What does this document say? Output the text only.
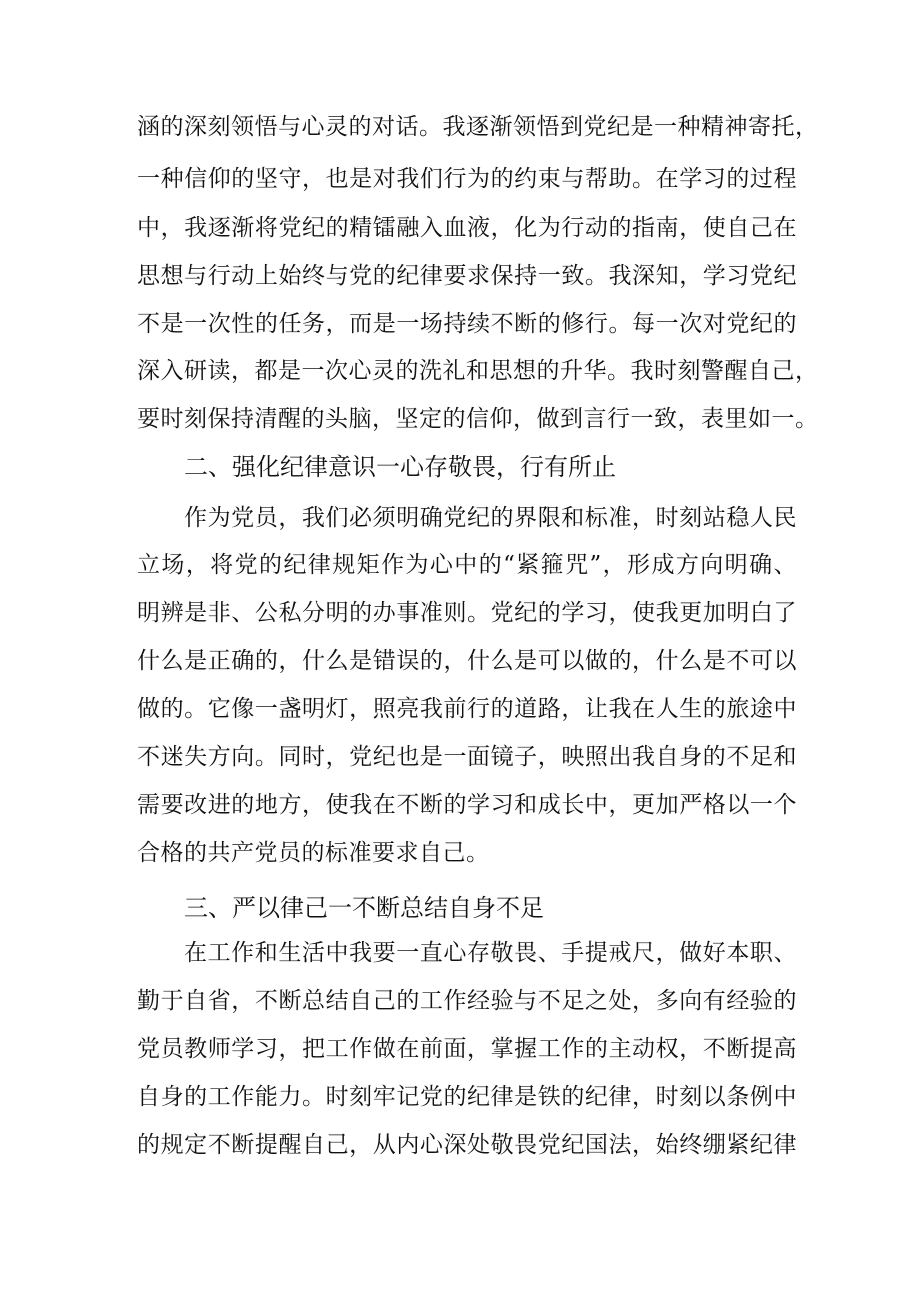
涵的深刻领悟与心灵的对话。我逐渐领悟到党纪是一种精神寄托，
一种信仰的坚守，也是对我们行为的约束与帮助。在学习的过程
中，我逐渐将党纪的精镭融入血液，化为行动的指南，使自己在
思想与行动上始终与党的纪律要求保持一致。我深知，学习党纪
不是一次性的任务，而是一场持续不断的修行。每一次对党纪的
深入研读，都是一次心灵的洗礼和思想的升华。我时刻警醒自己，
要时刻保持清醒的头脑，坚定的信仰，做到言行一致，表里如一。
二、强化纪律意识一心存敬畏，行有所止
作为党员，我们必须明确党纪的界限和标准，时刻站稳人民
立场，将党的纪律规矩作为心中的“紧箍咒”，形成方向明确、
明辨是非、公私分明的办事准则。党纪的学习，使我更加明白了
什么是正确的，什么是错误的，什么是可以做的，什么是不可以
做的。它像一盏明灯，照亮我前行的道路，让我在人生的旅途中
不迷失方向。同时，党纪也是一面镜子，映照出我自身的不足和
需要改进的地方，使我在不断的学习和成长中，更加严格以一个
合格的共产党员的标准要求自己。
三、严以律己一不断总结自身不足
在工作和生活中我要一直心存敬畏、手提戒尺，做好本职、
勤于自省，不断总结自己的工作经验与不足之处，多向有经验的
党员教师学习，把工作做在前面，掌握工作的主动权，不断提高
自身的工作能力。时刻牢记党的纪律是铁的纪律，时刻以条例中
的规定不断提醒自己，从内心深处敬畏党纪国法，始终绷紧纪律
